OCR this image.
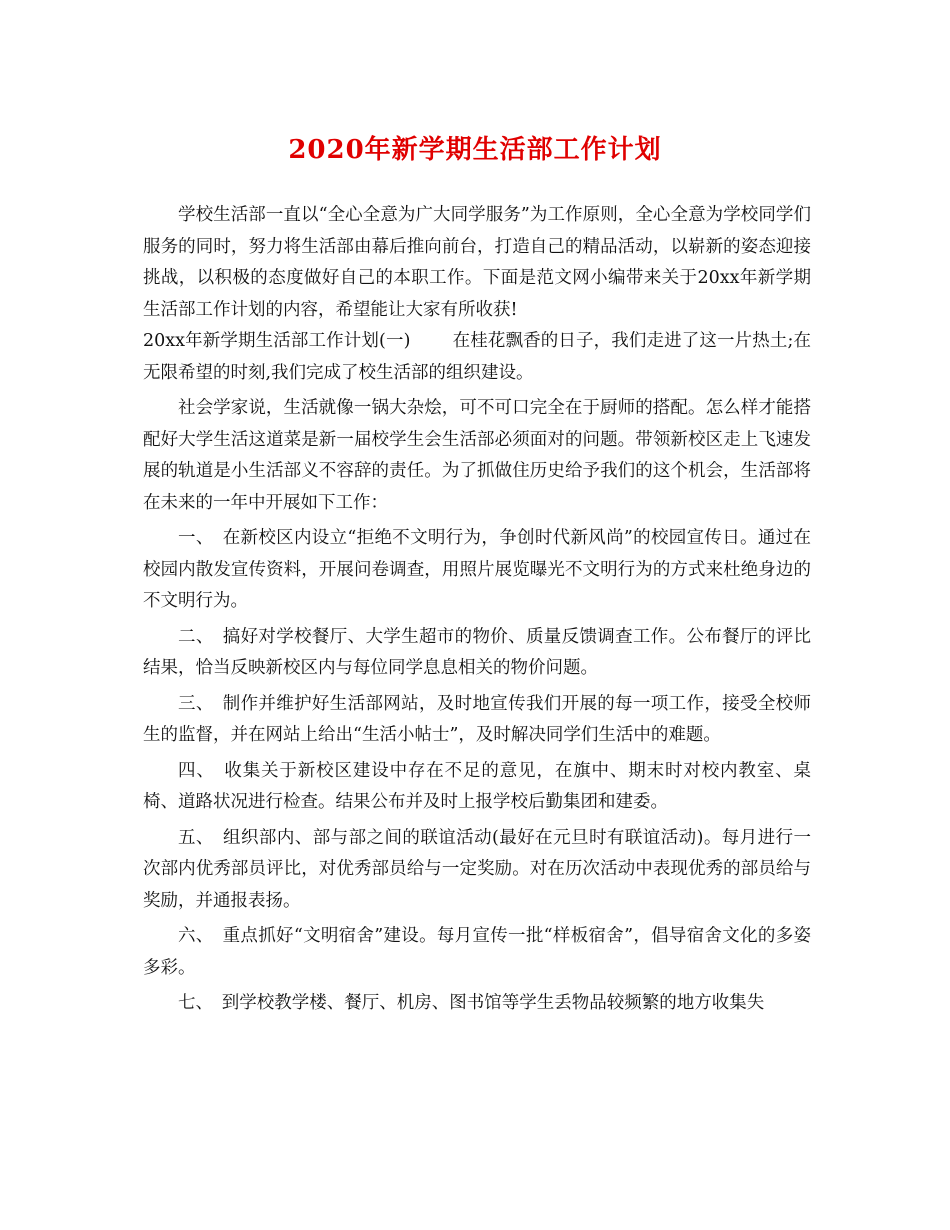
2020年新学期生活部工作计划

学校生活部一直以“全心全意为广大同学服务”为工作原则，全心全意为学校同学们服务的同时，努力将生活部由幕后推向前台，打造自己的精品活动，以崭新的姿态迎接挑战，以积极的态度做好自己的本职工作。下面是范文网小编带来关于20xx年新学期生活部工作计划的内容，希望能让大家有所收获!

20xx年新学期生活部工作计划(一) 在桂花飘香的日子，我们走进了这一片热土;在无限希望的时刻,我们完成了校生活部的组织建设。

社会学家说，生活就像一锅大杂烩，可不可口完全在于厨师的搭配。怎么样才能搭配好大学生活这道菜是新一届校学生会生活部必须面对的问题。带领新校区走上飞速发展的轨道是小生活部义不容辞的责任。为了抓做住历史给予我们的这个机会，生活部将在未来的一年中开展如下工作：

一、　在新校区内设立“拒绝不文明行为，争创时代新风尚”的校园宣传日。通过在校园内散发宣传资料，开展问卷调查，用照片展览曝光不文明行为的方式来杜绝身边的不文明行为。

二、　搞好对学校餐厅、大学生超市的物价、质量反馈调查工作。公布餐厅的评比结果，恰当反映新校区内与每位同学息息相关的物价问题。

三、　制作并维护好生活部网站，及时地宣传我们开展的每一项工作，接受全校师生的监督，并在网站上给出“生活小帖士”，及时解决同学们生活中的难题。

四、　收集关于新校区建设中存在不足的意见，在旗中、期末时对校内教室、桌椅、道路状况进行检查。结果公布并及时上报学校后勤集团和建委。

五、　组织部内、部与部之间的联谊活动(最好在元旦时有联谊活动)。每月进行一次部内优秀部员评比，对优秀部员给与一定奖励。对在历次活动中表现优秀的部员给与奖励，并通报表扬。

六、　重点抓好“文明宿舍”建设。每月宣传一批“样板宿舍”，倡导宿舍文化的多姿多彩。

七、　到学校教学楼、餐厅、机房、图书馆等学生丢物品较频繁的地方收集失
